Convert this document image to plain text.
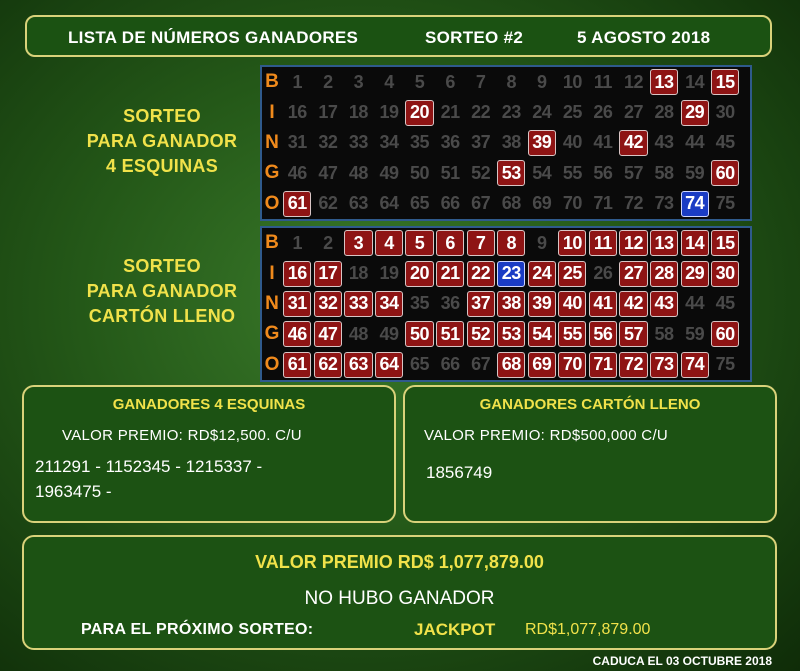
LISTA DE NÚMEROS GANADORES	SORTEO #2	5 AGOSTO 2018
SORTEO
PARA GANADOR
4 ESQUINAS
B 1	2	3	4	5	6	7	8	9 10 11 12 13 14 15
I 16 17 18 19 20 21 22 23 24 25 26 27 28 29 30
N 31 32 33 34 35 36 37 38 39 40 41 42 43 44 45
G 46 47 48 49 50 51 52 53 54 55 56 57 58 59 60
O 61 62 63 64 65 66 67 68 69 70 71 72 73 74 75
SORTEO
PARA GANADOR
CARTÓN LLENO
B 1	2	3	4	5	6	7	8	9 10 11 12 13 14 15
I 16 17 18 19 20 21 22 23 24 25 26 27 28 29 30
N 31 32 33 34 35 36 37 38 39 40 41 42 43 44 45
G 46 47 48 49 50 51 52 53 54 55 56 57 58 59 60
O 61 62 63 64 65 66 67 68 69 70 71 72 73 74 75
GANADORES 4 ESQUINAS
VALOR PREMIO: RD$12,500. C/U
211291 - 1152345 - 1215337 -
1963475 -
GANADORES CARTÓN LLENO
VALOR PREMIO: RD$500,000 C/U
1856749
VALOR PREMIO RD$ 1,077,879.00
NO HUBO GANADOR
PARA EL PRÓXIMO SORTEO:	JACKPOT RD$1,077,879.00
CADUCA EL 03 OCTUBRE 2018
